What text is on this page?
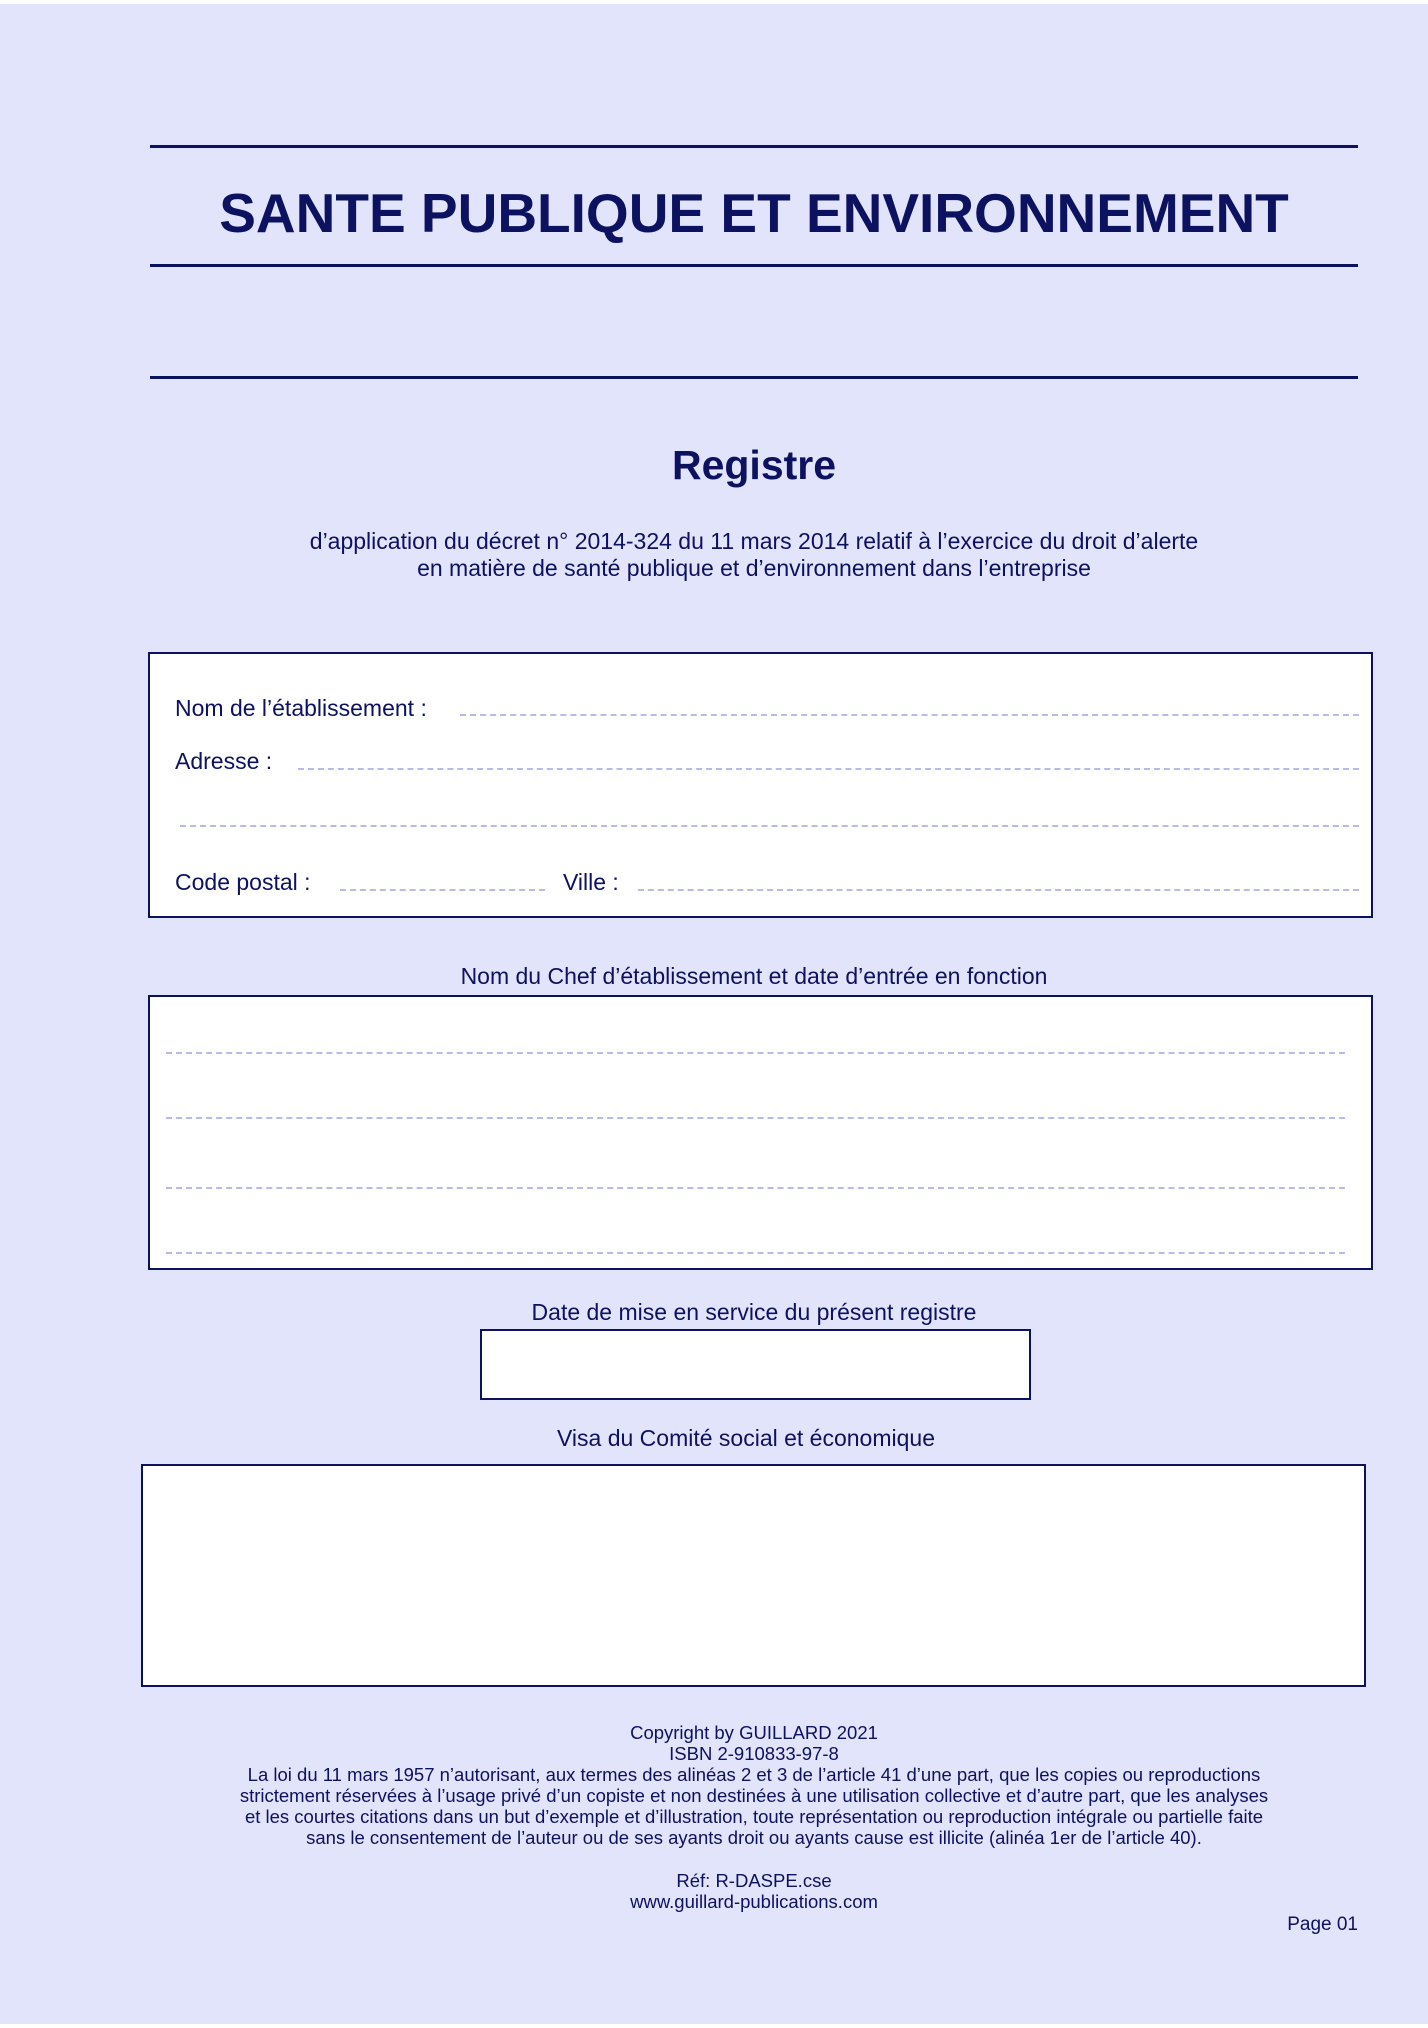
SANTE PUBLIQUE ET ENVIRONNEMENT
Registre
d’application du décret n° 2014-324 du 11 mars 2014 relatif à l’exercice du droit d’alerte
en matière de santé publique et d’environnement dans l’entreprise
Nom de l’établissement :
Adresse :
Code postal :	Ville :
Nom du Chef d’établissement et date d’entrée en fonction
Date de mise en service du présent registre
Visa du Comité social et économique
Copyright by GUILLARD 2021
ISBN 2-910833-97-8
La loi du 11 mars 1957 n’autorisant, aux termes des alinéas 2 et 3 de l’article 41 d’une part, que les copies ou reproductions
strictement réservées à l’usage privé d’un copiste et non destinées à une utilisation collective et d’autre part, que les analyses
et les courtes citations dans un but d’exemple et d’illustration, toute représentation ou reproduction intégrale ou partielle faite
sans le consentement de l’auteur ou de ses ayants droit ou ayants cause est illicite (alinéa 1er de l’article 40).
Réf: R-DASPE.cse
www.guillard-publications.com
Page 01
